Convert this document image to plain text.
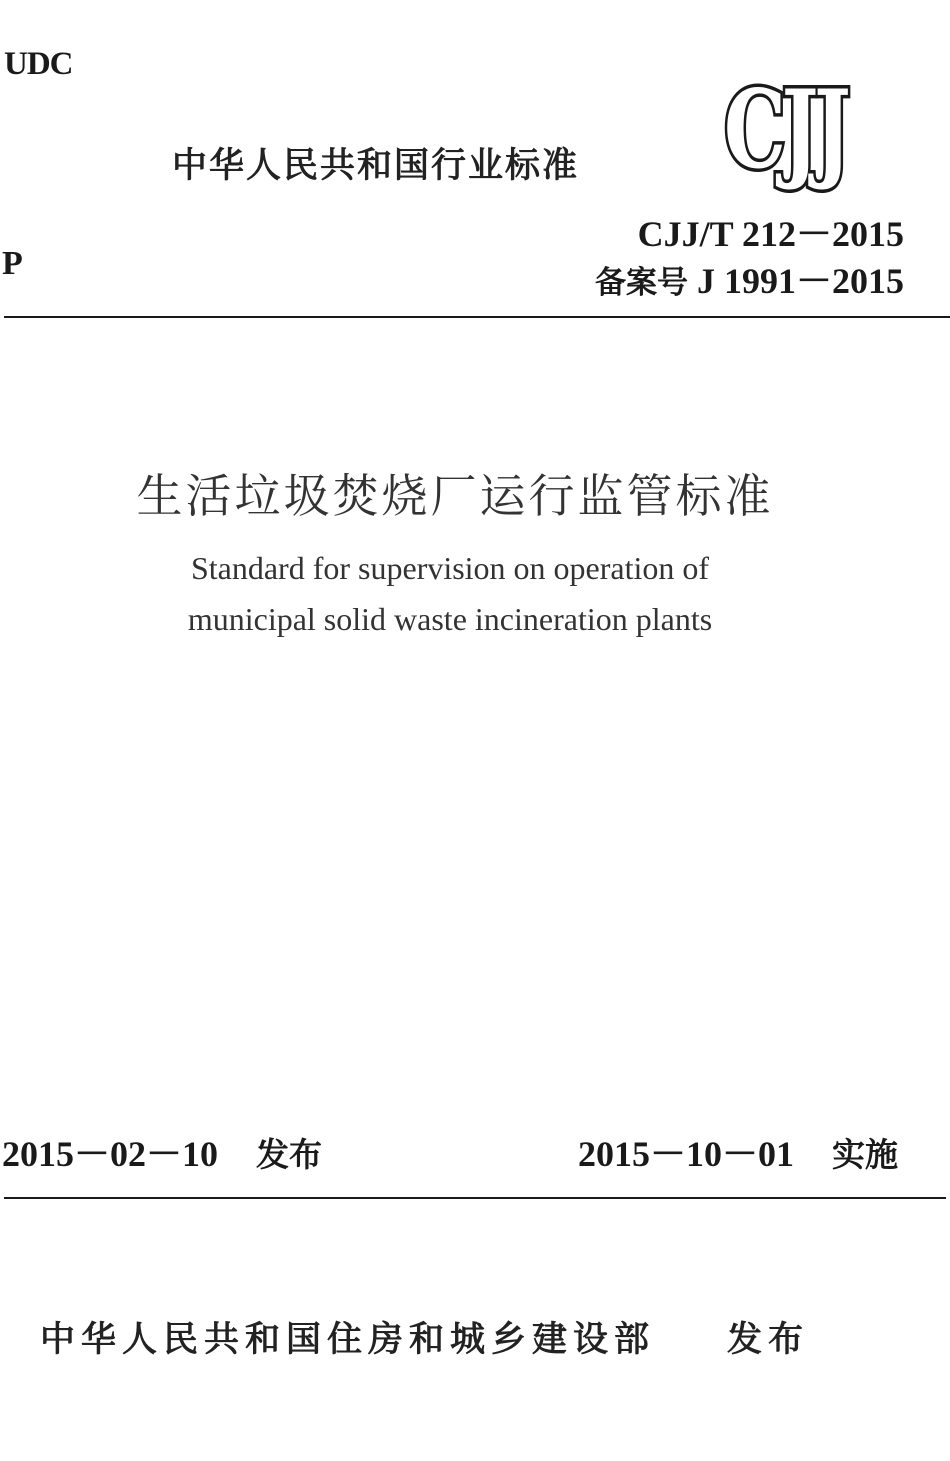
UDC
中华人民共和国行业标准 CJJ
CJJ/T 212－2015
备案号 J 1991－2015
P
生活垃圾焚烧厂运行监管标准
Standard for supervision on operation of
municipal solid waste incineration plants
2015－02－10 发布	2015－10－01 实施
中华人民共和国住房和城乡建设部 发布
